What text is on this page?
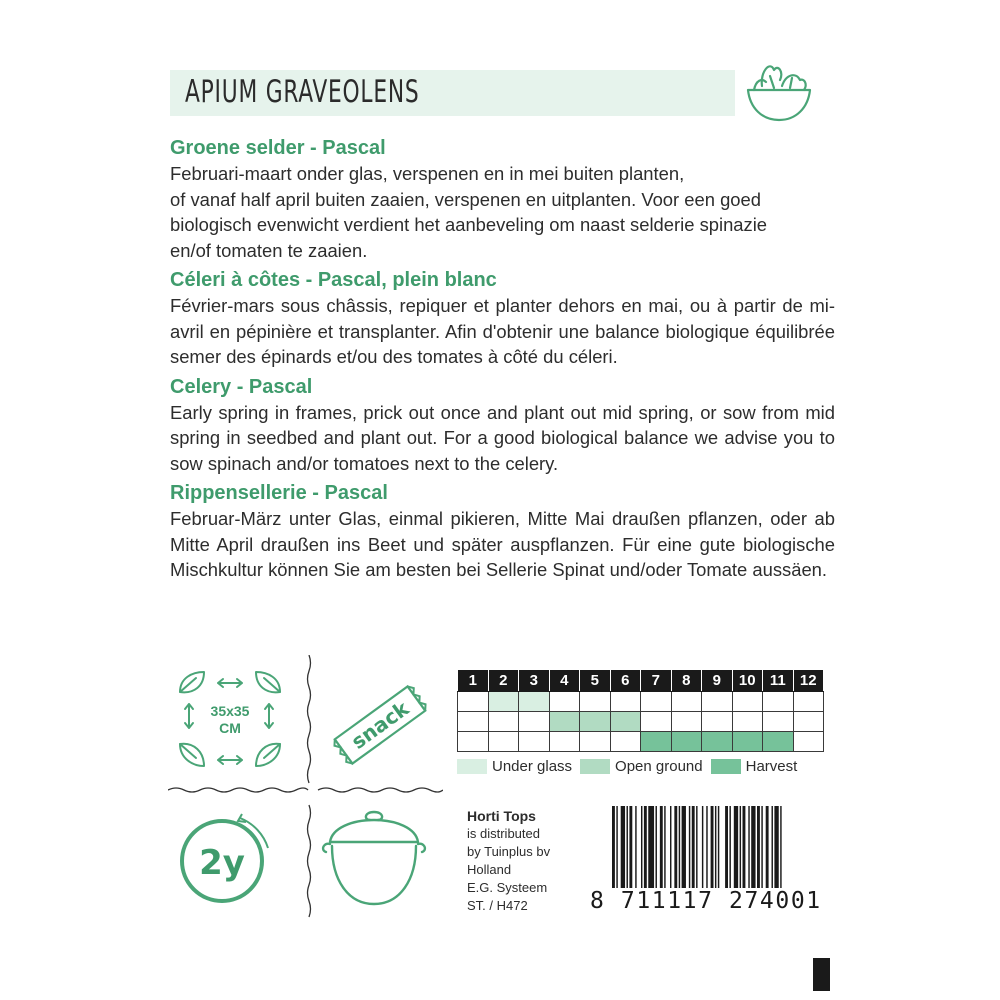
APIUM GRAVEOLENS
Groene selder - Pascal

Februari-maart onder glas, verspenen en in mei buiten planten,
of vanaf half april buiten zaaien, verspenen en uitplanten. Voor een goed
biologisch evenwicht verdient het aanbeveling om naast selderie spinazie
en/of tomaten te zaaien.

Céleri à côtes - Pascal, plein blanc

Février-mars sous châssis, repiquer et planter dehors en mai, ou à partir de mi-avril en pépinière et transplanter. Afin d'obtenir une balance biologique équilibrée semer des épinards et/ou des tomates à côté du céleri.

Celery - Pascal

Early spring in frames, prick out once and plant out mid spring, or sow from mid spring in seedbed and plant out. For a good biological balance we advise you to sow spinach and/or tomatoes next to the celery.

Rippensellerie - Pascal

Februar-März unter Glas, einmal pikieren, Mitte Mai draußen pflanzen, oder ab Mitte April draußen ins Beet und später auspflanzen. Für eine gute biologische Mischkultur können Sie am besten bei Sellerie Spinat und/oder Tomate aussäen.

35x35
CM	snack
2y
1	2	3	4	5	6	7	8	9	10	11	12

Under glass	Open ground	Harvest
Horti Tops
is distributed
by Tuinplus bv
Holland
E.G. Systeem
ST. / H472	8 711117 274001
